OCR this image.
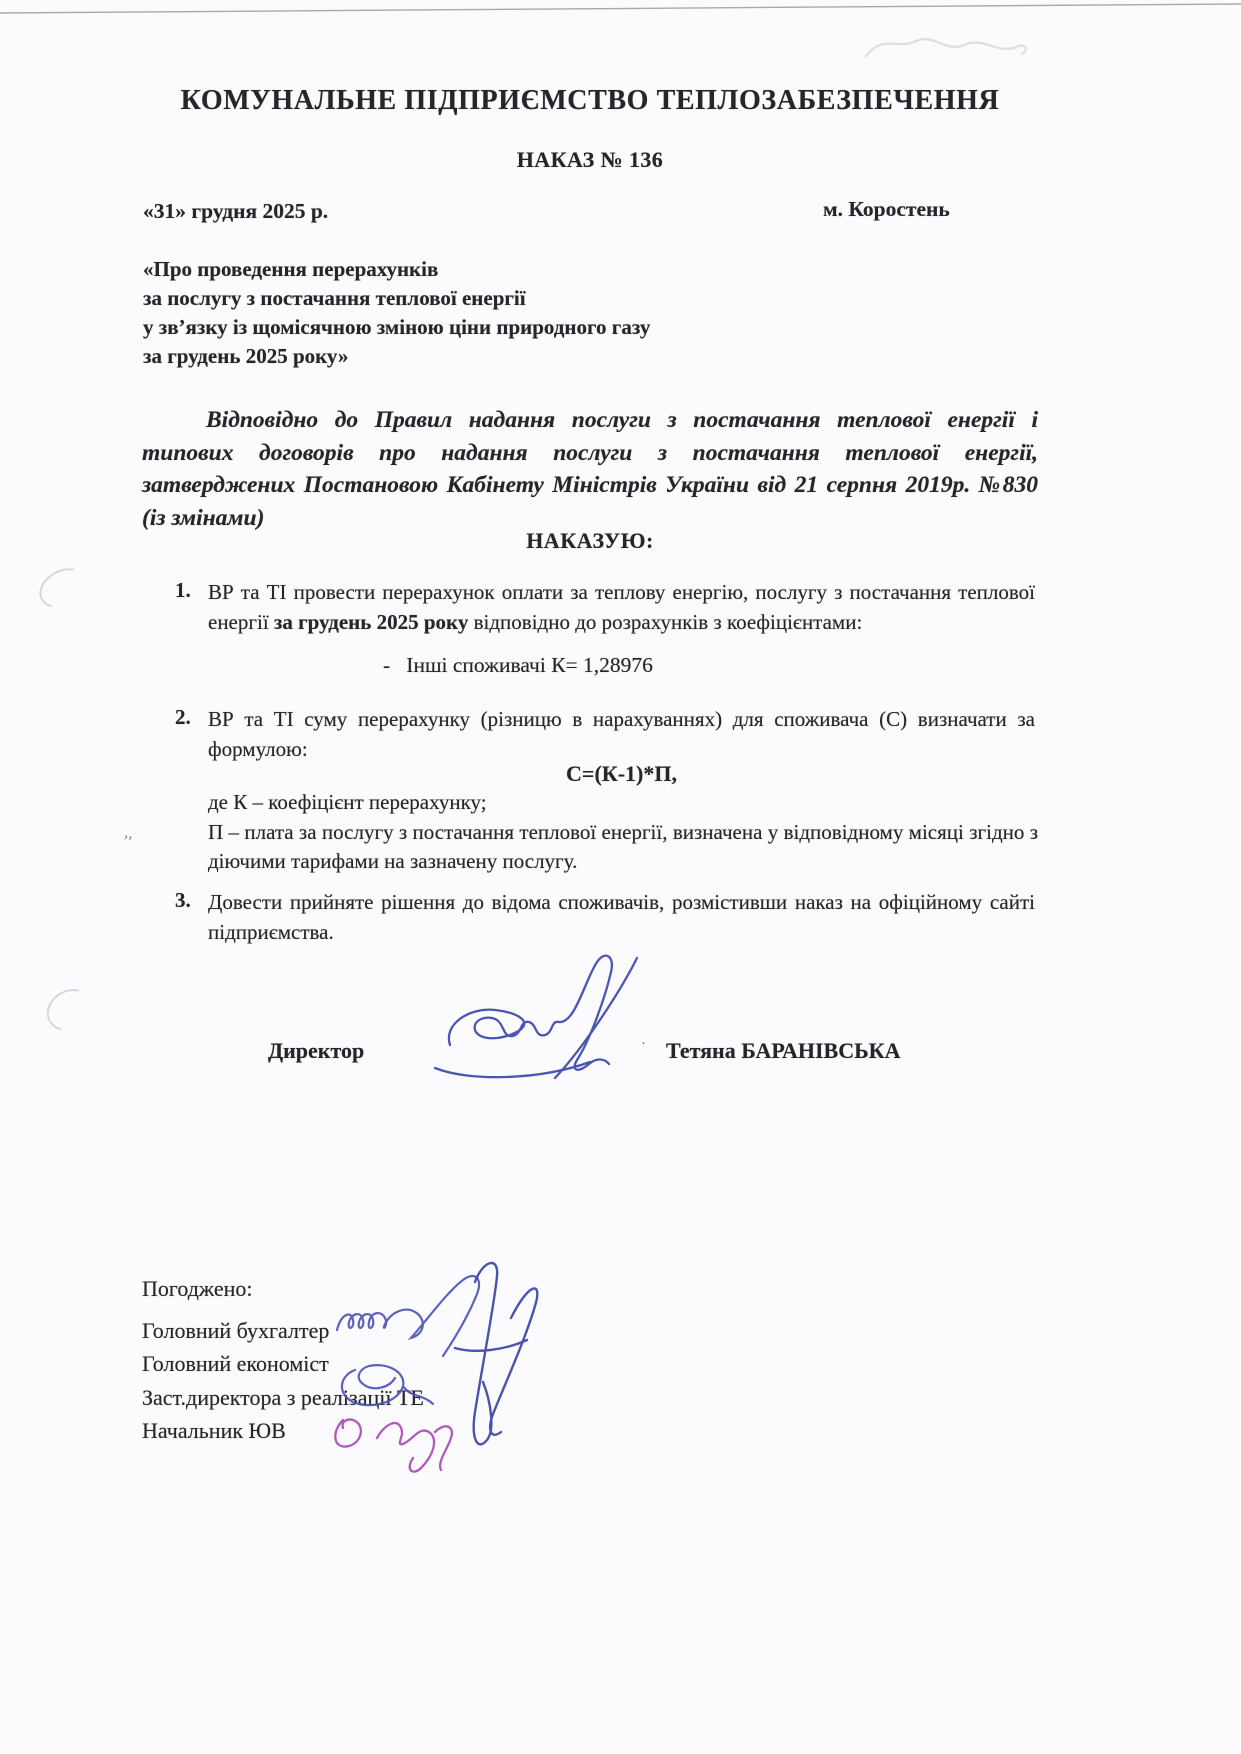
’’
КОМУНАЛЬНЕ ПІДПРИЄМСТВО ТЕПЛОЗАБЕЗПЕЧЕННЯ
НАКАЗ № 136
«31» грудня 2025 р.	м. Коростень
«Про проведення перерахунків
за послугу з постачання теплової енергії
у зв’язку із щомісячною зміною ціни природного газу
за грудень 2025 року»
Відповідно до Правил надання послуги з постачання теплової енергії і типових договорів про надання послуги з постачання теплової енергії, затверджених Постановою Кабінету Міністрів України від 21 серпня 2019р. №830 (із змінами)
НАКАЗУЮ:
1. ВР та ТІ провести перерахунок оплати за теплову енергію, послугу з постачання теплової енергії за грудень 2025 року відповідно до розрахунків з коефіцієнтами:
-   Інші споживачі К= 1,28976
2. ВР та ТІ суму перерахунку (різницю в нарахуваннях) для споживача (С) визначати за формулою:
С=(К-1)*П,
де К – коефіцієнт перерахунку;
П – плата за послугу з постачання теплової енергії, визначена у відповідному місяці згідно з діючими тарифами на зазначену послугу.
3. Довести прийняте рішення до відома споживачів, розмістивши наказ на офіційному сайті підприємства.
Директор	· Тетяна БАРАНІВСЬКА
Погоджено:
Головний бухгалтер
Головний економіст
Заст.директора з реалізації ТЕ
Начальник ЮВ
